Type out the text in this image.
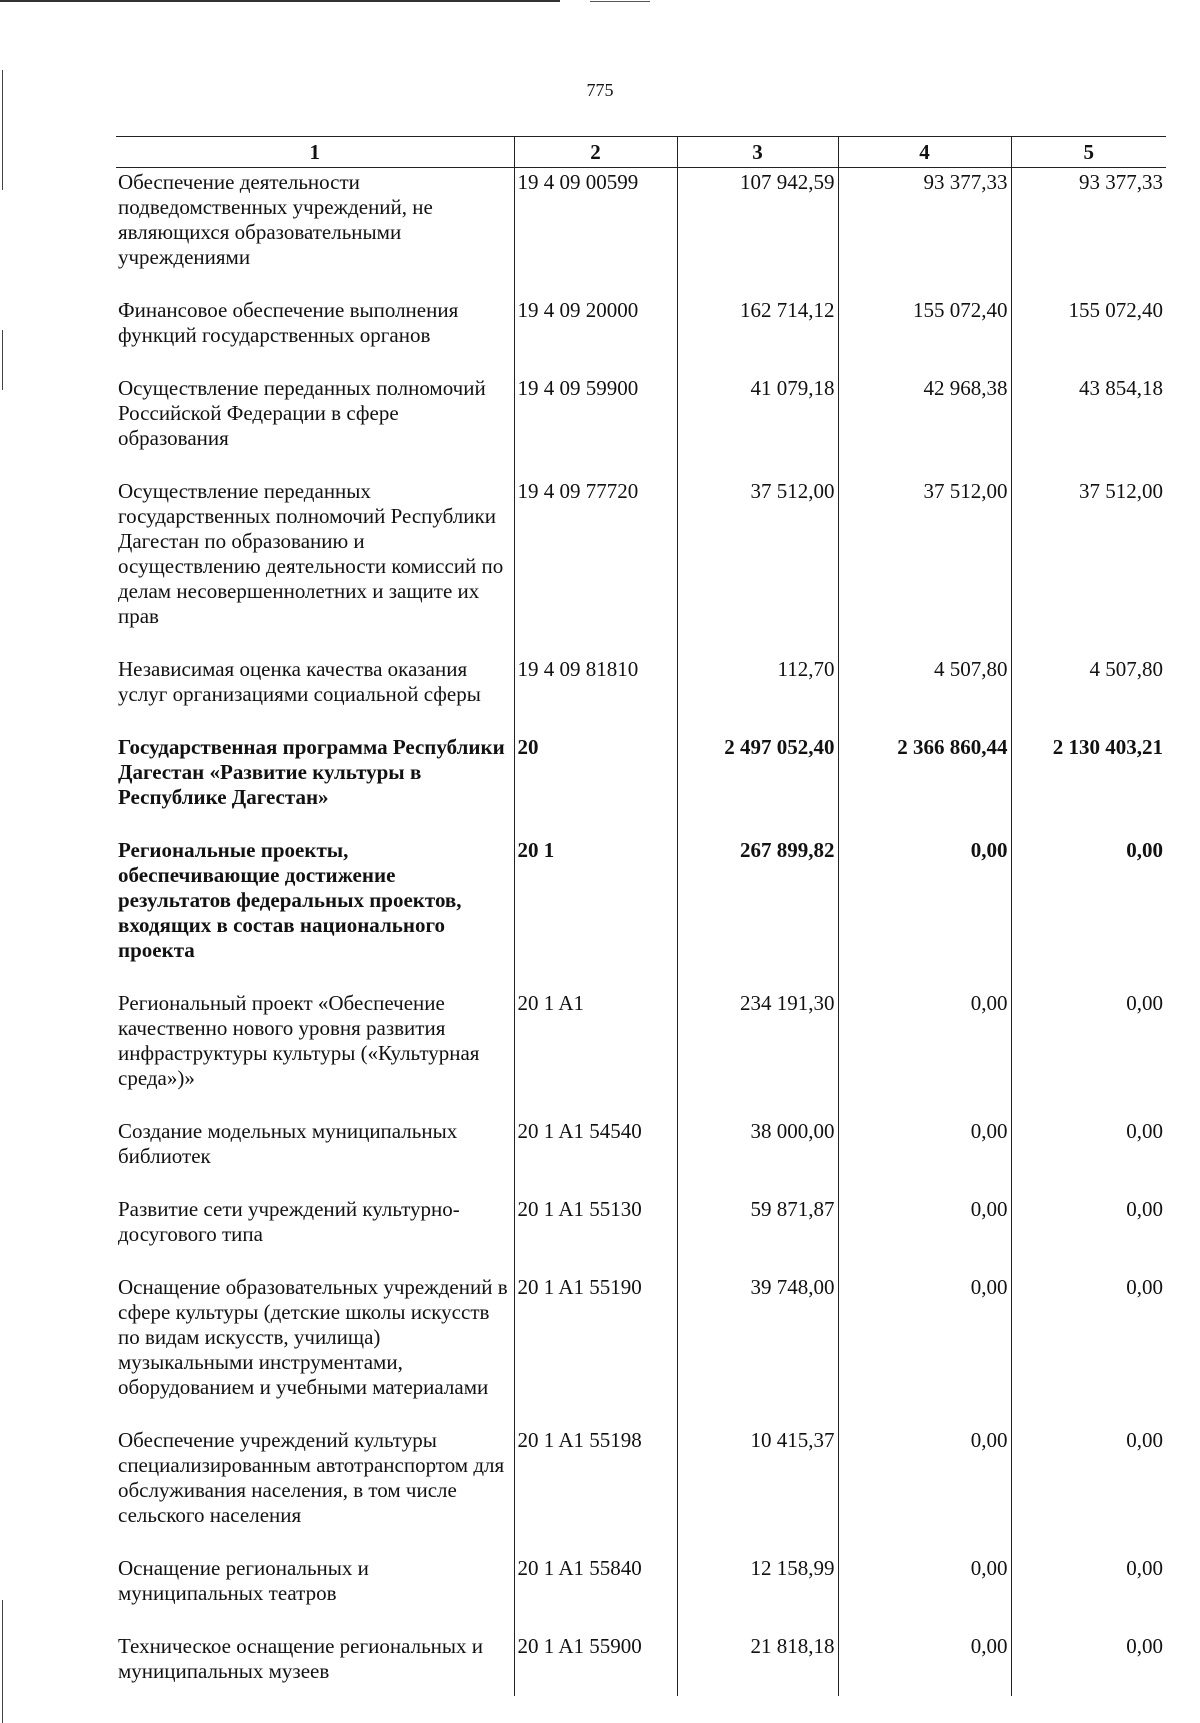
775
1	2	3	4	5
Обеспечение деятельности подведомственных учреждений, не являющихся образовательными учреждениями	19 4 09 00599	107 942,59	93 377,33	93 377,33
Финансовое обеспечение выполнения функций государственных органов	19 4 09 20000	162 714,12	155 072,40	155 072,40
Осуществление переданных полномочий Российской Федерации в сфере образования	19 4 09 59900	41 079,18	42 968,38	43 854,18
Осуществление переданных государственных полномочий Республики Дагестан по образованию и осуществлению деятельности комиссий по делам несовершеннолетних и защите их прав	19 4 09 77720	37 512,00	37 512,00	37 512,00
Независимая оценка качества оказания услуг организациями социальной сферы	19 4 09 81810	112,70	4 507,80	4 507,80
Государственная программа Республики Дагестан «Развитие культуры в Республике Дагестан»	20	2 497 052,40	2 366 860,44	2 130 403,21
Региональные проекты, обеспечивающие достижение результатов федеральных проектов, входящих в состав национального проекта	20 1	267 899,82	0,00	0,00
Региональный проект «Обеспечение качественно нового уровня развития инфраструктуры культуры («Культурная среда»)»	20 1 A1	234 191,30	0,00	0,00
Создание модельных муниципальных библиотек	20 1 A1 54540	38 000,00	0,00	0,00
Развитие сети учреждений культурно-досугового типа	20 1 A1 55130	59 871,87	0,00	0,00
Оснащение образовательных учреждений в сфере культуры (детские школы искусств по видам искусств, училища) музыкальными инструментами, оборудованием и учебными материалами	20 1 A1 55190	39 748,00	0,00	0,00
Обеспечение учреждений культуры специализированным автотранспортом для обслуживания населения, в том числе сельского населения	20 1 A1 55198	10 415,37	0,00	0,00
Оснащение региональных и муниципальных театров	20 1 A1 55840	12 158,99	0,00	0,00
Техническое оснащение региональных и муниципальных музеев	20 1 A1 55900	21 818,18	0,00	0,00
